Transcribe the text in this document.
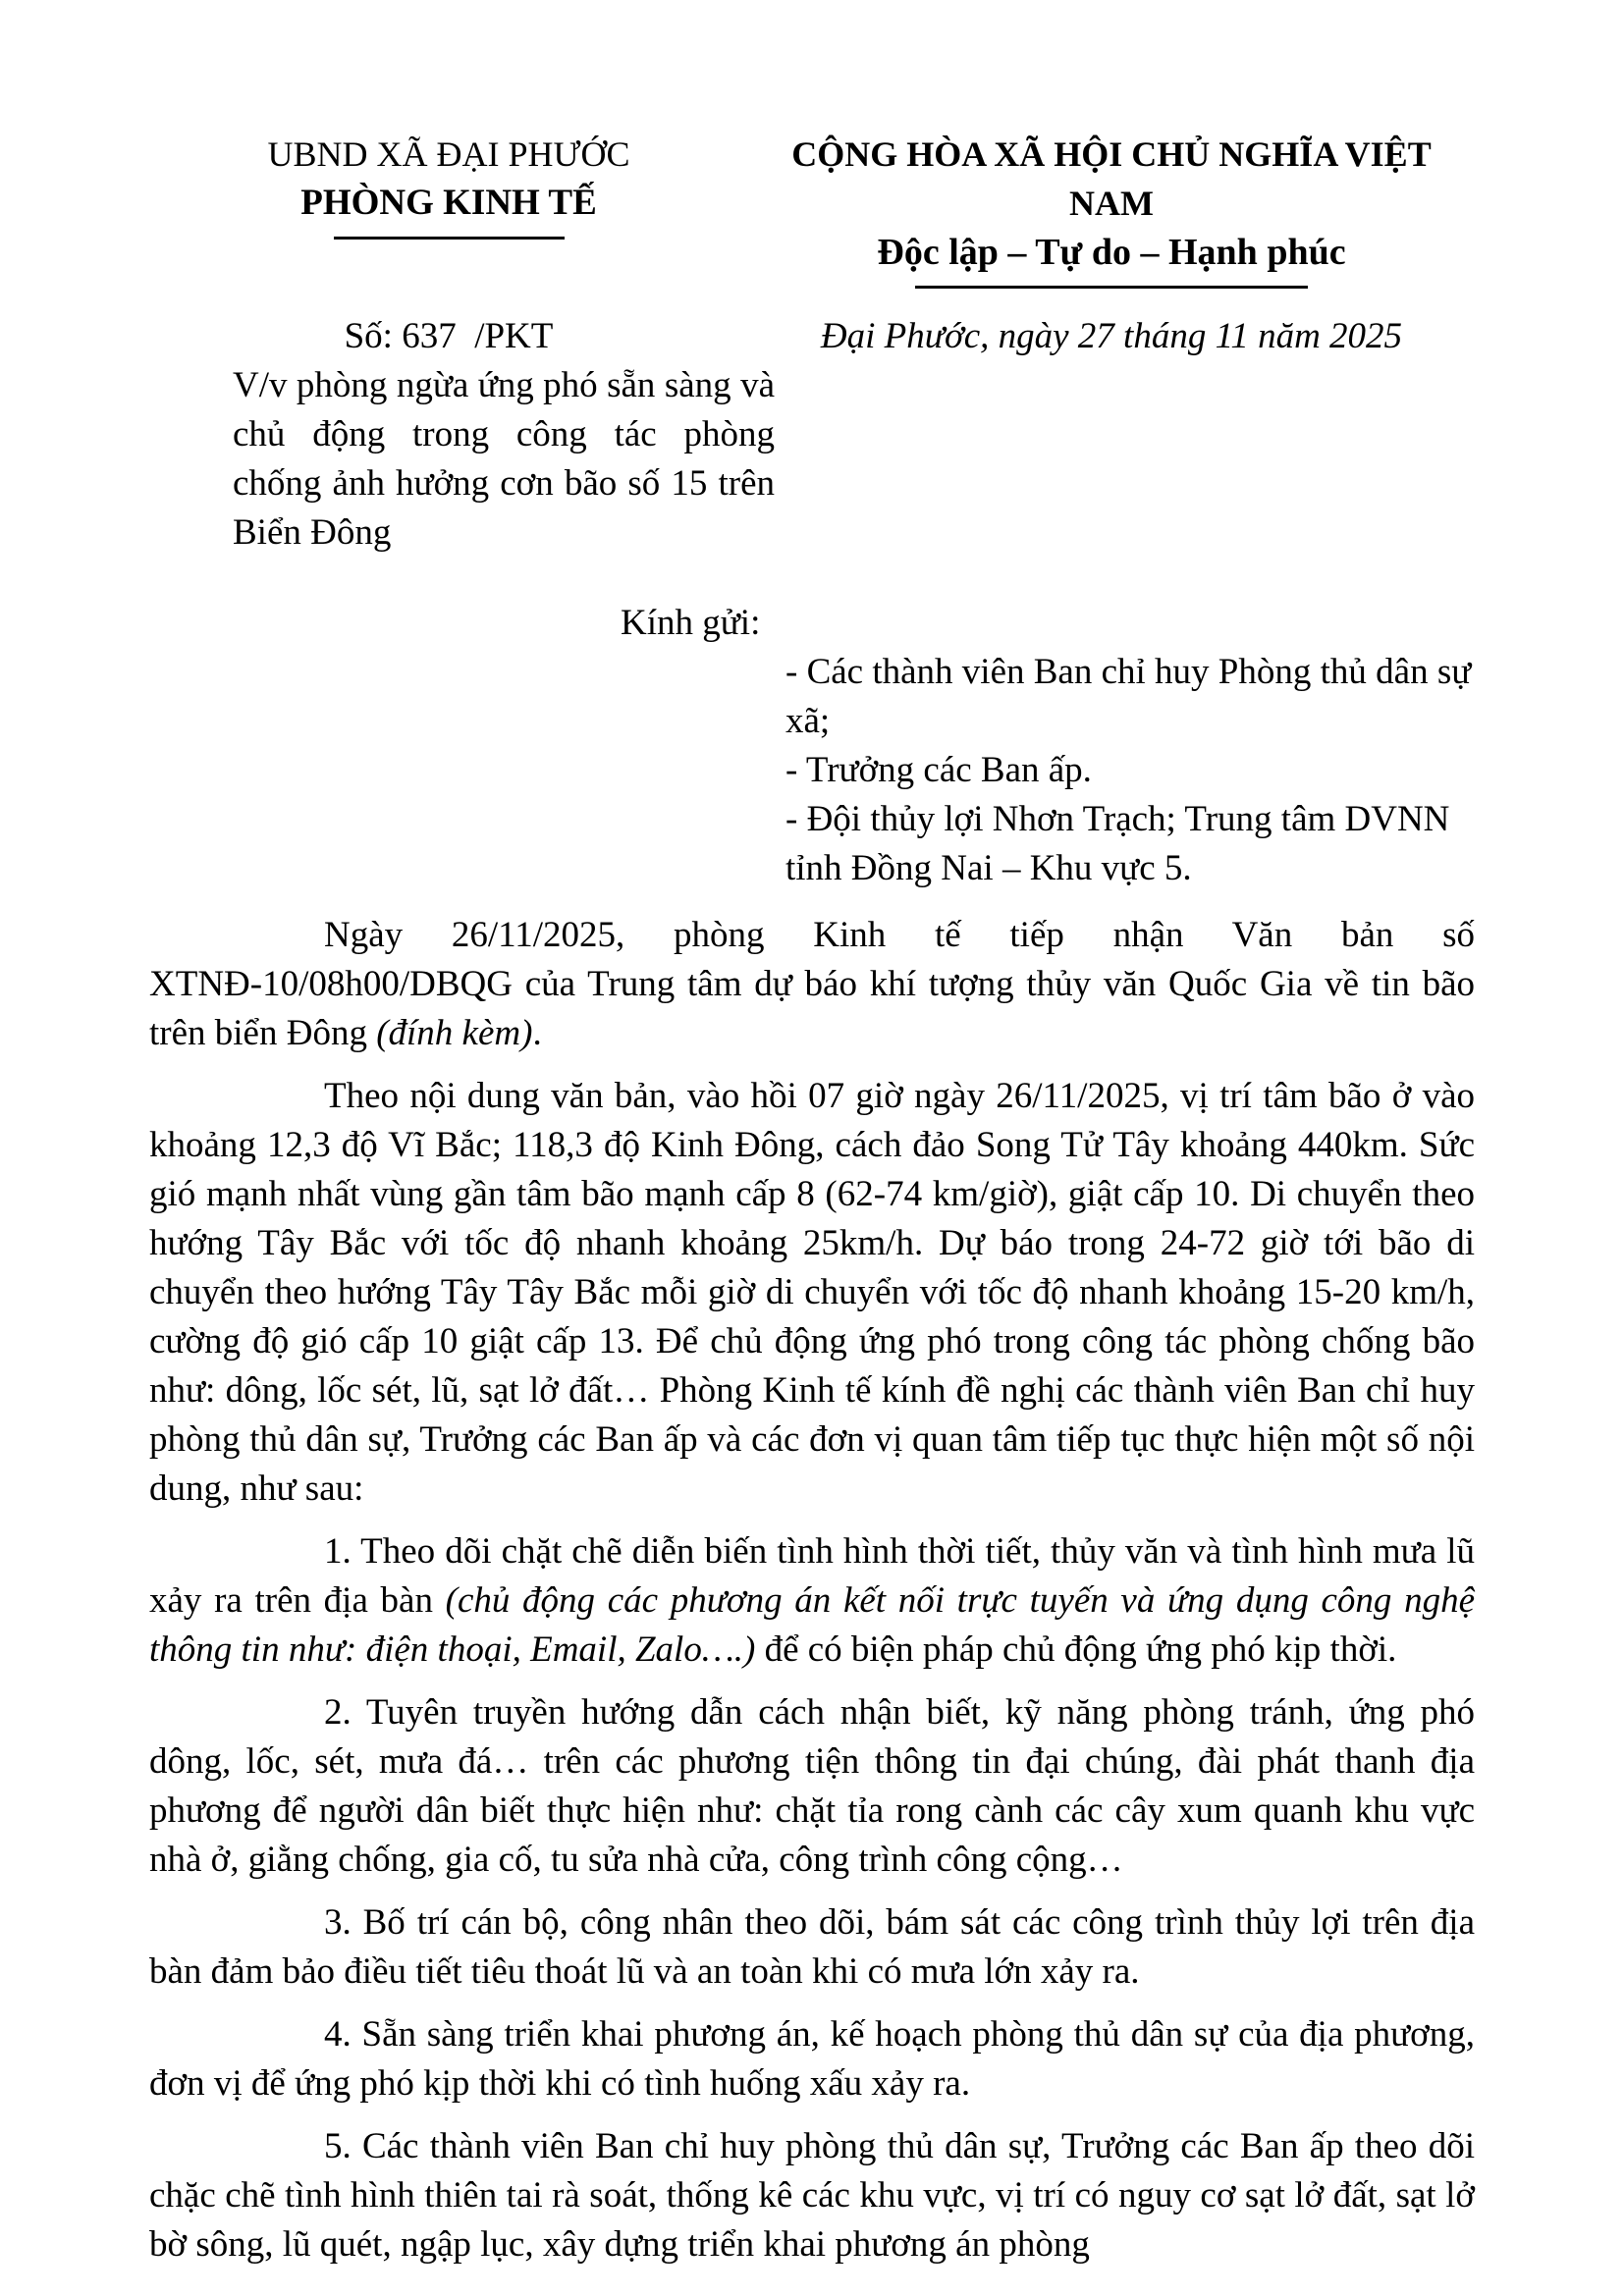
UBND XÃ ĐẠI PHƯỚC
PHÒNG KINH TẾ
CỘNG HÒA XÃ HỘI CHỦ NGHĨA VIỆT NAM
Độc lập – Tự do – Hạnh phúc
Số: 637  /PKT	Đại Phước, ngày 27 tháng 11 năm 2025
V/v phòng ngừa ứng phó sẵn sàng và chủ động trong công tác phòng chống ảnh hưởng cơn bão số 15 trên Biển Đông
Kính gửi:
- Các thành viên Ban chỉ huy Phòng thủ dân sự xã;
- Trưởng các Ban ấp.
- Đội thủy lợi Nhơn Trạch; Trung tâm DVNN tỉnh Đồng Nai – Khu vực 5.

Ngày 26/11/2025, phòng Kinh tế tiếp nhận Văn bản số XTNĐ-10/08h00/DBQG của Trung tâm dự báo khí tượng thủy văn Quốc Gia về tin bão trên biển Đông (đính kèm).

Theo nội dung văn bản, vào hồi 07 giờ ngày 26/11/2025, vị trí tâm bão ở vào khoảng 12,3 độ Vĩ Bắc; 118,3 độ Kinh Đông, cách đảo Song Tử Tây khoảng 440km. Sức gió mạnh nhất vùng gần tâm bão mạnh cấp 8 (62-74 km/giờ), giật cấp 10. Di chuyển theo hướng Tây Bắc với tốc độ nhanh khoảng 25km/h. Dự báo trong 24-72 giờ tới bão di chuyển theo hướng Tây Tây Bắc mỗi giờ di chuyển với tốc độ nhanh khoảng 15-20 km/h, cường độ gió cấp 10 giật cấp 13. Để chủ động ứng phó trong công tác phòng chống bão như: dông, lốc sét, lũ, sạt lở đất… Phòng Kinh tế kính đề nghị các thành viên Ban chỉ huy phòng thủ dân sự, Trưởng các Ban ấp và các đơn vị quan tâm tiếp tục thực hiện một số nội dung, như sau:

1. Theo dõi chặt chẽ diễn biến tình hình thời tiết, thủy văn và tình hình mưa lũ xảy ra trên địa bàn (chủ động các phương án kết nối trực tuyến và ứng dụng công nghệ thông tin như: điện thoại, Email, Zalo….) để có biện pháp chủ động ứng phó kịp thời.

2. Tuyên truyền hướng dẫn cách nhận biết, kỹ năng phòng tránh, ứng phó dông, lốc, sét, mưa đá… trên các phương tiện thông tin đại chúng, đài phát thanh địa phương để người dân biết thực hiện như: chặt tỉa rong cành các cây xum quanh khu vực nhà ở, giằng chống, gia cố, tu sửa nhà cửa, công trình công cộng…

3. Bố trí cán bộ, công nhân theo dõi, bám sát các công trình thủy lợi trên địa bàn đảm bảo điều tiết tiêu thoát lũ và an toàn khi có mưa lớn xảy ra.

4. Sẵn sàng triển khai phương án, kế hoạch phòng thủ dân sự của địa phương, đơn vị để ứng phó kịp thời khi có tình huống xấu xảy ra.

5. Các thành viên Ban chỉ huy phòng thủ dân sự, Trưởng các Ban ấp theo dõi chặc chẽ tình hình thiên tai rà soát, thống kê các khu vực, vị trí có nguy cơ sạt lở đất, sạt lở bờ sông, lũ quét, ngập lục, xây dựng triển khai phương án phòng
